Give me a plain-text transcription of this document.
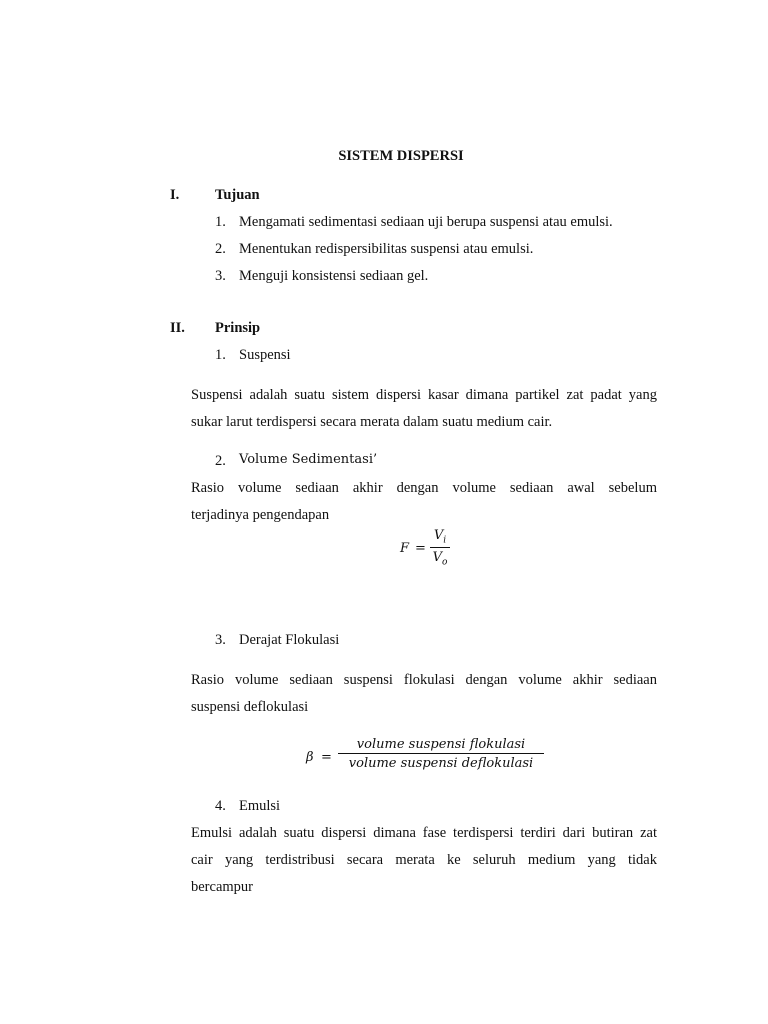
SISTEM DISPERSI
I. Tujuan
1. Mengamati sedimentasi sediaan uji berupa suspensi atau emulsi.
2. Menentukan redispersibilitas suspensi atau emulsi.
3. Menguji konsistensi sediaan gel.
II. Prinsip
1. Suspensi
Suspensi adalah suatu sistem dispersi kasar dimana partikel zat padat yang
sukar larut terdispersi secara merata dalam suatu medium cair.
2. Volume Sedimentasi’
Rasio volume sediaan akhir dengan volume sediaan awal sebelum
terjadinya pengendapan
F =
$V_i$
$V_o$
3. Derajat Flokulasi
Rasio volume sediaan suspensi flokulasi dengan volume akhir sediaan
suspensi deflokulasi
β =
volume suspensi flokulasi
volume suspensi deflokulasi
4. Emulsi
Emulsi adalah suatu dispersi dimana fase terdispersi terdiri dari butiran zat
cair yang terdistribusi secara merata ke seluruh medium yang tidak
bercampur
